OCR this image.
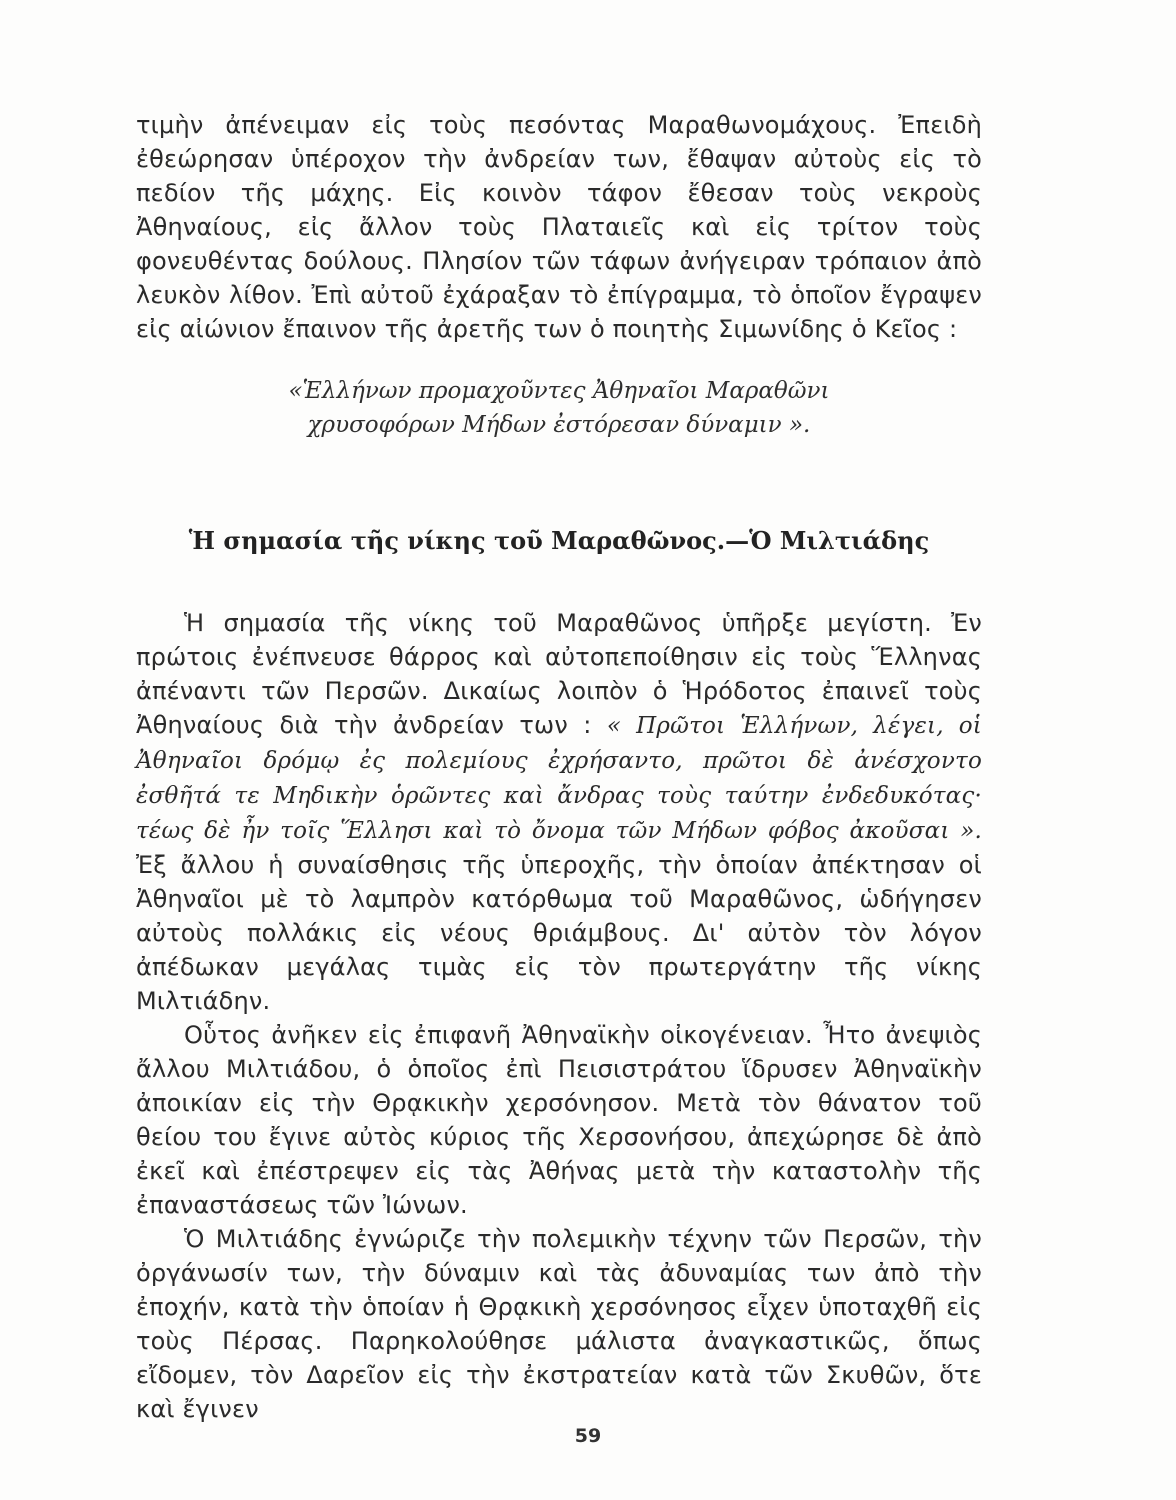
τιμὴν ἀπένειμαν εἰς τοὺς πεσόντας Μαραθωνομάχους. Ἐπειδὴ ἐθεώρησαν ὑπέροχον τὴν ἀνδρείαν των, ἔθαψαν αὐτοὺς εἰς τὸ πεδίον τῆς μάχης. Εἰς κοινὸν τάφον ἔθεσαν τοὺς νεκροὺς Ἀθηναίους, εἰς ἄλλον τοὺς Πλαταιεῖς καὶ εἰς τρίτον τοὺς φονευθέντας δούλους. Πλησίον τῶν τάφων ἀνήγειραν τρόπαιον ἀπὸ λευκὸν λίθον. Ἐπὶ αὐτοῦ ἐχάραξαν τὸ ἐπίγραμμα, τὸ ὁποῖον ἔγραψεν εἰς αἰώνιον ἔπαινον τῆς ἀρετῆς των ὁ ποιητὴς Σιμωνίδης ὁ Κεῖος :

«Ἑλλήνων προμαχοῦντες Ἀθηναῖοι Μαραθῶνι
χρυσοφόρων Μήδων ἐστόρεσαν δύναμιν ».
Ἡ σημασία τῆς νίκης τοῦ Μαραθῶνος.—Ὁ Μιλτιάδης

Ἡ σημασία τῆς νίκης τοῦ Μαραθῶνος ὑπῆρξε μεγίστη. Ἐν πρώτοις ἐνέπνευσε θάρρος καὶ αὐτοπεποίθησιν εἰς τοὺς Ἕλληνας ἀπέναντι τῶν Περσῶν. Δικαίως λοιπὸν ὁ Ἡρόδοτος ἐπαινεῖ τοὺς Ἀθηναίους διὰ τὴν ἀνδρείαν των : « Πρῶτοι Ἑλλήνων, λέγει, οἱ Ἀθηναῖοι δρόμῳ ἐς πολεμίους ἐχρήσαντο, πρῶτοι δὲ ἀνέσχοντο ἐσθῆτά τε Μηδικὴν ὁρῶντες καὶ ἄνδρας τοὺς ταύτην ἐνδεδυκότας· τέως δὲ ἦν τοῖς Ἕλλησι καὶ τὸ ὄνομα τῶν Μήδων φόβος ἀκοῦσαι ». Ἐξ ἄλλου ἡ συναίσθησις τῆς ὑπεροχῆς, τὴν ὁποίαν ἀπέκτησαν οἱ Ἀθηναῖοι μὲ τὸ λαμπρὸν κατόρθωμα τοῦ Μαραθῶνος, ὡδήγησεν αὐτοὺς πολλάκις εἰς νέους θριάμβους. Δι' αὐτὸν τὸν λόγον ἀπέδωκαν μεγάλας τιμὰς εἰς τὸν πρωτεργάτην τῆς νίκης Μιλτιάδην.

Οὗτος ἀνῆκεν εἰς ἐπιφανῆ Ἀθηναϊκὴν οἰκογένειαν. Ἦτο ἀνεψιὸς ἄλλου Μιλτιάδου, ὁ ὁποῖος ἐπὶ Πεισιστράτου ἵδρυσεν Ἀθηναϊκὴν ἀποικίαν εἰς τὴν Θρᾳκικὴν χερσόνησον. Μετὰ τὸν θάνατον τοῦ θείου του ἔγινε αὐτὸς κύριος τῆς Χερσονήσου, ἀπεχώρησε δὲ ἀπὸ ἐκεῖ καὶ ἐπέστρεψεν εἰς τὰς Ἀθήνας μετὰ τὴν καταστολὴν τῆς ἐπαναστάσεως τῶν Ἰώνων.

Ὁ Μιλτιάδης ἐγνώριζε τὴν πολεμικὴν τέχνην τῶν Περσῶν, τὴν ὀργάνωσίν των, τὴν δύναμιν καὶ τὰς ἀδυναμίας των ἀπὸ τὴν ἐποχήν, κατὰ τὴν ὁποίαν ἡ Θρᾳκικὴ χερσόνησος εἶχεν ὑποταχθῆ εἰς τοὺς Πέρσας. Παρηκολούθησε μάλιστα ἀναγκαστικῶς, ὅπως εἴδομεν, τὸν Δαρεῖον εἰς τὴν ἐκστρατείαν κατὰ τῶν Σκυθῶν, ὅτε καὶ ἔγινεν

59
